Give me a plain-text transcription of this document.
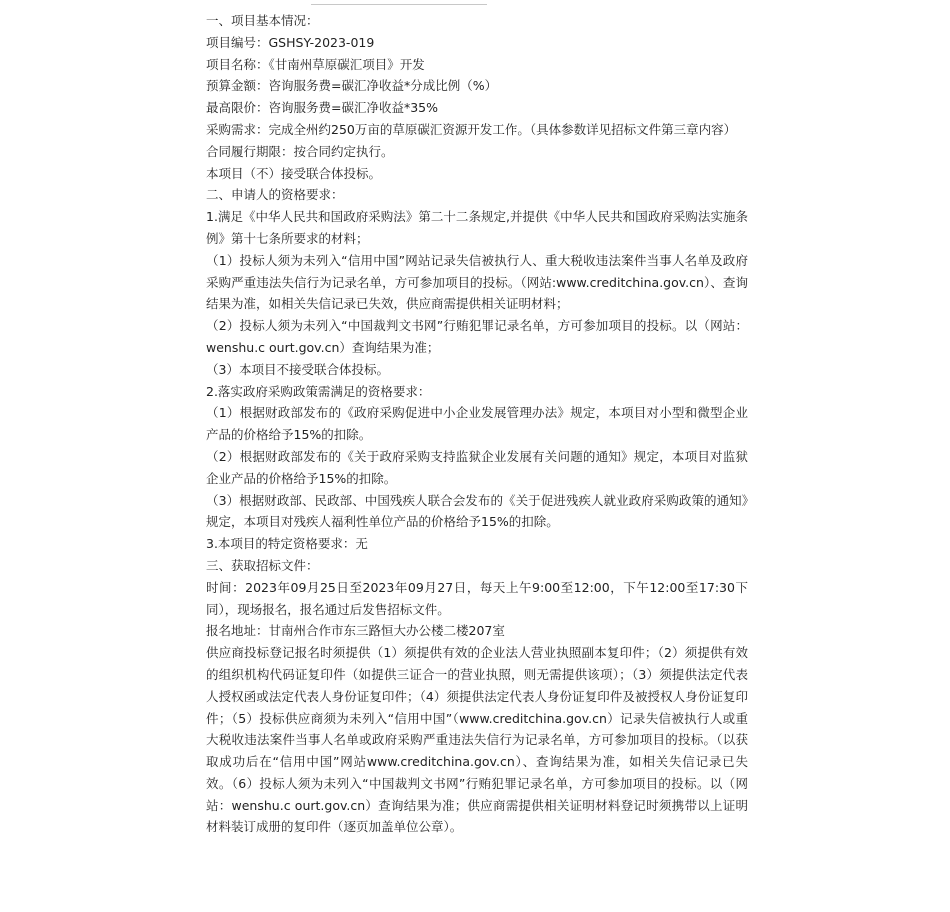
一、项目基本情况：

项目编号：GSHSY-2023-019

项目名称：《甘南州草原碳汇项目》开发

预算金额：咨询服务费=碳汇净收益*分成比例（%）

最高限价：咨询服务费=碳汇净收益*35%

采购需求：完成全州约250万亩的草原碳汇资源开发工作。（具体参数详见招标文件第三章内容）

合同履行期限：按合同约定执行。

本项目（不）接受联合体投标。

二、申请人的资格要求：

1.满足《中华人民共和国政府采购法》第二十二条规定,并提供《中华人民共和国政府采购法实施条例》第十七条所要求的材料；

（1）投标人须为未列入“信用中国”网站记录失信被执行人、重大税收违法案件当事人名单及政府采购严重违法失信行为记录名单，方可参加项目的投标。（网站:www.creditchina.gov.cn）、查询结果为准，如相关失信记录已失效，供应商需提供相关证明材料；

（2）投标人须为未列入“中国裁判文书网”行贿犯罪记录名单，方可参加项目的投标。以（网站：wenshu.c ourt.gov.cn）查询结果为准；

（3）本项目不接受联合体投标。

2.落实政府采购政策需满足的资格要求：

（1）根据财政部发布的《政府采购促进中小企业发展管理办法》规定，本项目对小型和微型企业产品的价格给予15%的扣除。

（2）根据财政部发布的《关于政府采购支持监狱企业发展有关问题的通知》规定，本项目对监狱企业产品的价格给予15%的扣除。

（3）根据财政部、民政部、中国残疾人联合会发布的《关于促进残疾人就业政府采购政策的通知》规定，本项目对残疾人福利性单位产品的价格给予15%的扣除。

3.本项目的特定资格要求：无

三、获取招标文件：

时间：2023年09月25日至2023年09月27日，每天上午9:00至12:00，下午12:00至17:30下同），现场报名，报名通过后发售招标文件。

报名地址：甘南州合作市东三路恒大办公楼二楼207室

供应商投标登记报名时须提供（1）须提供有效的企业法人营业执照副本复印件；（2）须提供有效的组织机构代码证复印件（如提供三证合一的营业执照，则无需提供该项）；（3）须提供法定代表人授权函或法定代表人身份证复印件；（4）须提供法定代表人身份证复印件及被授权人身份证复印件；（5）投标供应商须为未列入“信用中国”（www.creditchina.gov.cn）记录失信被执行人或重大税收违法案件当事人名单或政府采购严重违法失信行为记录名单，方可参加项目的投标。（以获取成功后在“信用中国”网站www.creditchina.gov.cn）、查询结果为准，如相关失信记录已失效。（6）投标人须为未列入“中国裁判文书网”行贿犯罪记录名单，方可参加项目的投标。以（网站：wenshu.c ourt.gov.cn）查询结果为准；供应商需提供相关证明材料登记时须携带以上证明材料装订成册的复印件（逐页加盖单位公章）。
